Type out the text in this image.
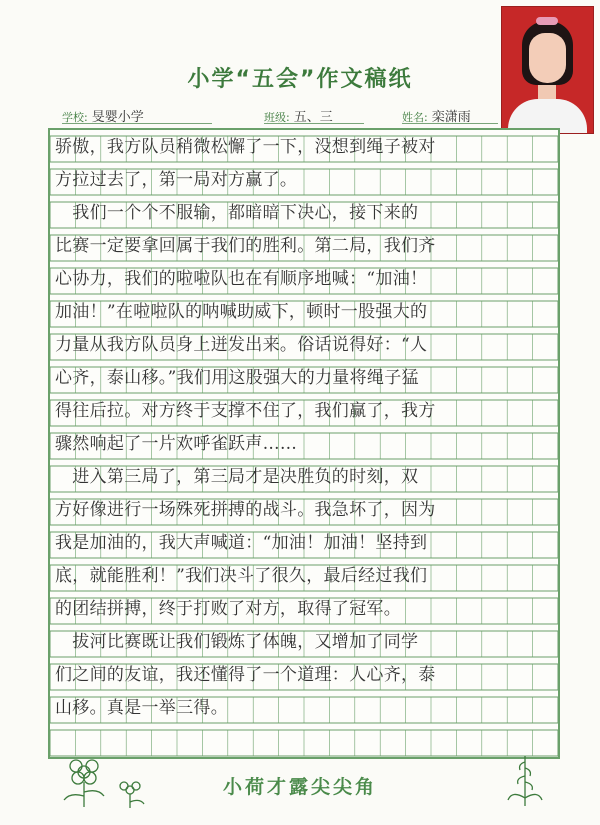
小学“五会”作文稿纸
学校: 旻婴小学	班级: 五、三	姓名: 栾潇雨
骄傲，我方队员稍微松懈了一下，没想到绳子被对
方拉过去了，第一局对方赢了。
　我们一个个不服输，都暗暗下决心，接下来的
比赛一定要拿回属于我们的胜利。第二局，我们齐
心协力，我们的啦啦队也在有顺序地喊：“加油！
加油！”在啦啦队的呐喊助威下，顿时一股强大的
力量从我方队员身上迸发出来。俗话说得好：“人
心齐，泰山移。”我们用这股强大的力量将绳子猛
得往后拉。对方终于支撑不住了，我们赢了，我方
骤然响起了一片欢呼雀跃声……
　进入第三局了，第三局才是决胜负的时刻，双
方好像进行一场殊死拼搏的战斗。我急坏了，因为
我是加油的，我大声喊道：“加油！加油！坚持到
底，就能胜利！”我们决斗了很久，最后经过我们
的团结拼搏，终于打败了对方，取得了冠军。
　拔河比赛既让我们锻炼了体魄，又增加了同学
们之间的友谊，我还懂得了一个道理：人心齐，泰
山移。真是一举三得。
小荷才露尖尖角
